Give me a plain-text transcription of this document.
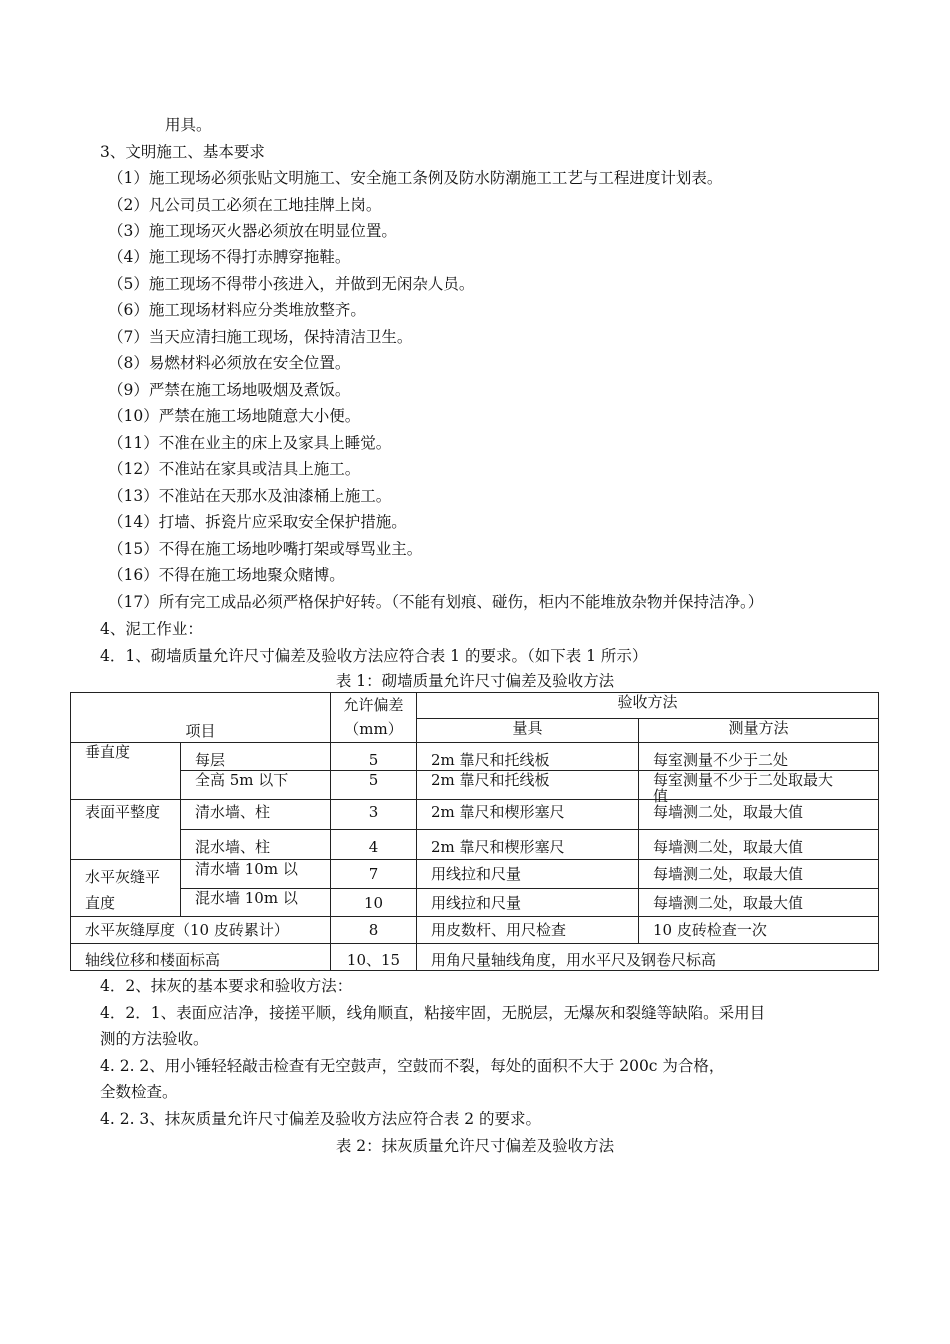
用具。
3、文明施工、基本要求
（1）施工现场必须张贴文明施工、安全施工条例及防水防潮施工工艺与工程进度计划表。
（2）凡公司员工必须在工地挂牌上岗。
（3）施工现场灭火器必须放在明显位置。
（4）施工现场不得打赤膊穿拖鞋。
（5）施工现场不得带小孩进入，并做到无闲杂人员。
（6）施工现场材料应分类堆放整齐。
（7）当天应清扫施工现场，保持清洁卫生。
（8）易燃材料必须放在安全位置。
（9）严禁在施工场地吸烟及煮饭。
（10）严禁在施工场地随意大小便。
（11）不准在业主的床上及家具上睡觉。
（12）不准站在家具或洁具上施工。
（13）不准站在天那水及油漆桶上施工。
（14）打墙、拆瓷片应采取安全保护措施。
（15）不得在施工场地吵嘴打架或辱骂业主。
（16）不得在施工场地聚众赌博。
（17）所有完工成品必须严格保护好转。（不能有划痕、碰伤，柜内不能堆放杂物并保持洁净。）
4、泥工作业：
4．1、砌墙质量允许尺寸偏差及验收方法应符合表 1 的要求。（如下表 1 所示）
表 1：砌墙质量允许尺寸偏差及验收方法
项目		允许偏差
（mm）	验收方法	
			量具	测量方法
垂直度	每层	5	2m 靠尺和托线板	每室测量不少于二处
	全高 5m 以下	5	2m 靠尺和托线板	每室测量不少于二处取最大
值

表面平整度	清水墙、柱	3	2m 靠尺和楔形塞尺	每墙测二处，取最大值
	混水墙、柱	4	2m 靠尺和楔形塞尺	每墙测二处，取最大值

水平灰缝平
直度	清水墙 10m 以	7	用线拉和尺量	每墙测二处，取最大值
	混水墙 10m 以	10	用线拉和尺量	每墙测二处，取最大值
水平灰缝厚度（10 皮砖累计）		8	用皮数杆、用尺检查	10 皮砖检查一次
轴线位移和楼面标高		10、15	用角尺量轴线角度，用水平尺及钢卷尺标高	
4．2、抹灰的基本要求和验收方法：
4．2．1、表面应洁净，接搓平顺，线角顺直，粘接牢固，无脱层，无爆灰和裂缝等缺陷。采用目
测的方法验收。
4. 2. 2、用小锤轻轻敲击检查有无空鼓声，空鼓而不裂，每处的面积不大于 200c 为合格，
全数检查。
4. 2. 3、抹灰质量允许尺寸偏差及验收方法应符合表 2 的要求。
表 2：抹灰质量允许尺寸偏差及验收方法
